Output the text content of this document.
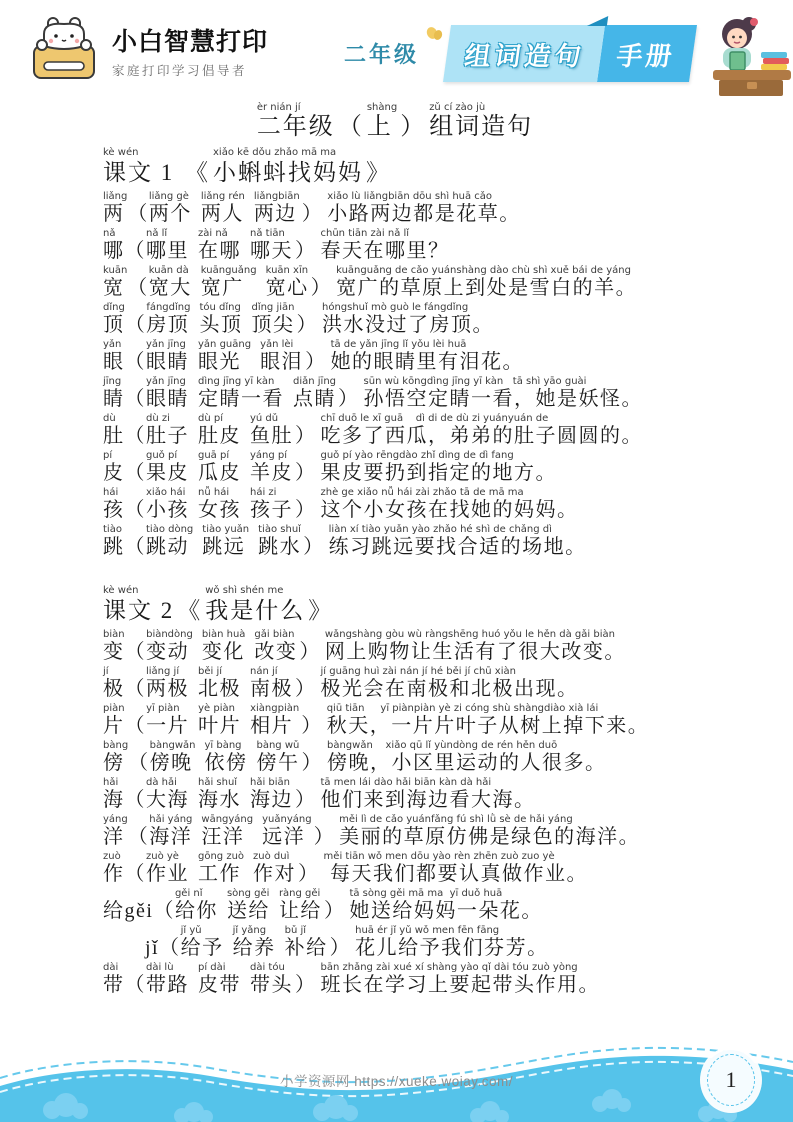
小白智慧打印
家庭打印学习倡导者
二年级	组词造句	手册
èr nián jí
二年级 （
shàng
上 ）
zǔ cí zào jù
组词造句
kè wén
课文 1 《
xiǎo kē dǒu zhǎo mā ma
小蝌蚪找妈妈 》
liǎng
两 （
liǎng gè
两个
liǎng rén
两人
liǎngbiān
两边 ）
xiǎo lù liǎngbiān dōu shì huā cǎo
小路两边都是花草。
nǎ
哪 （
nǎ lǐ
哪里
zài nǎ
在哪
nǎ tiān
哪天 ）
chūn tiān zài nǎ lǐ
春天在哪里？
kuān
宽 （
kuān dà
宽大
kuānguǎng
宽广
kuān xīn
宽心 ）
kuānguǎng de cǎo yuánshàng dào chù shì xuě bái de yáng
宽广的草原上到处是雪白的羊。
dǐng
顶 （
fángdǐng
房顶
tóu dǐng
头顶
dǐng jiān
顶尖 ）
hóngshuǐ mò guò le fángdǐng
洪水没过了房顶。
yǎn
眼 （
yǎn jīng
眼睛
yǎn guāng
眼光
yǎn lèi
眼泪 ）
tā de yǎn jīng lǐ yǒu lèi huā
她的眼睛里有泪花。
jīng
睛 （
yǎn jīng
眼睛
dìng jīng yī kàn
定睛一看
diǎn jīng
点睛 ）
sūn wù kōngdìng jīng yī kàn   tā shì yāo guài
孙悟空定睛一看，她是妖怪。
dù
肚 （
dù zi
肚子
dù pí
肚皮
yú dǔ
鱼肚 ）
chī duō le xī guā    dì di de dù zi yuányuán de
吃多了西瓜，弟弟的肚子圆圆的。
pí
皮 （
guǒ pí
果皮
guā pí
瓜皮
yáng pí
羊皮 ）
guǒ pí yào rēngdào zhǐ dìng de dì fang
果皮要扔到指定的地方。
hái
孩 （
xiǎo hái
小孩
nǚ hái
女孩
hái zi
孩子 ）
zhè ge xiǎo nǚ hái zài zhǎo tā de mā ma
这个小女孩在找她的妈妈。
tiào
跳 （
tiào dòng
跳动
tiào yuǎn
跳远
tiào shuǐ
跳水 ）
liàn xí tiào yuǎn yào zhǎo hé shì de chǎng dì
练习跳远要找合适的场地。
kè wén
课文 2 《
wǒ shì shén me
我是什么 》
biàn
变 （
biàndòng
变动
biàn huà
变化
gǎi biàn
改变 ）
wǎngshàng gòu wù ràngshēng huó yǒu le hěn dà gǎi biàn
网上购物让生活有了很大改变。
jí
极 （
liǎng jí
两极
běi jí
北极
nán jí
南极 ）
jí guāng huì zài nán jí hé běi jí chū xiàn
极光会在南极和北极出现。
piàn
片 （
yī piàn
一片
yè piàn
叶片
xiàngpiàn
相片 ）
qiū tiān     yī piànpiàn yè zi cóng shù shàngdiào xià lái
秋天，一片片叶子从树上掉下来。
bàng
傍 （
bàngwǎn
傍晚
yī bàng
依傍
bàng wǔ
傍午 ）
bàngwǎn    xiǎo qū lǐ yùndòng de rén hěn duō
傍晚，小区里运动的人很多。
hǎi
海 （
dà hǎi
大海
hǎi shuǐ
海水
hǎi biān
海边 ）
tā men lái dào hǎi biān kàn dà hǎi
他们来到海边看大海。
yáng
洋 （
hǎi yáng
海洋
wāngyáng
汪洋
yuǎnyáng
远洋 ）
měi lì de cǎo yuánfǎng fú shì lǜ sè de hǎi yáng
美丽的草原仿佛是绿色的海洋。
zuò
作 （
zuò yè
作业
gōng zuò
工作
zuò duì
作对 ）
měi tiān wǒ men dōu yào rèn zhēn zuò zuo yè
每天我们都要认真做作业。
给gěi （
gěi nǐ
给你
sòng gěi
送给
ràng gěi
让给 ）
tā sòng gěi mā ma  yī duǒ huā
她送给妈妈一朵花。
jǐ （
jǐ yǔ
给予
jǐ yǎng
给养
bǔ jǐ
补给 ）
huā ér jǐ yǔ wǒ men fēn fāng
花儿给予我们芬芳。
dài
带 （
dài lù
带路
pí dài
皮带
dài tóu
带头 ）
bān zhǎng zài xué xí shàng yào qǐ dài tóu zuò yòng
班长在学习上要起带头作用。
小学资源网 https://xueke.woiay.com/	1
